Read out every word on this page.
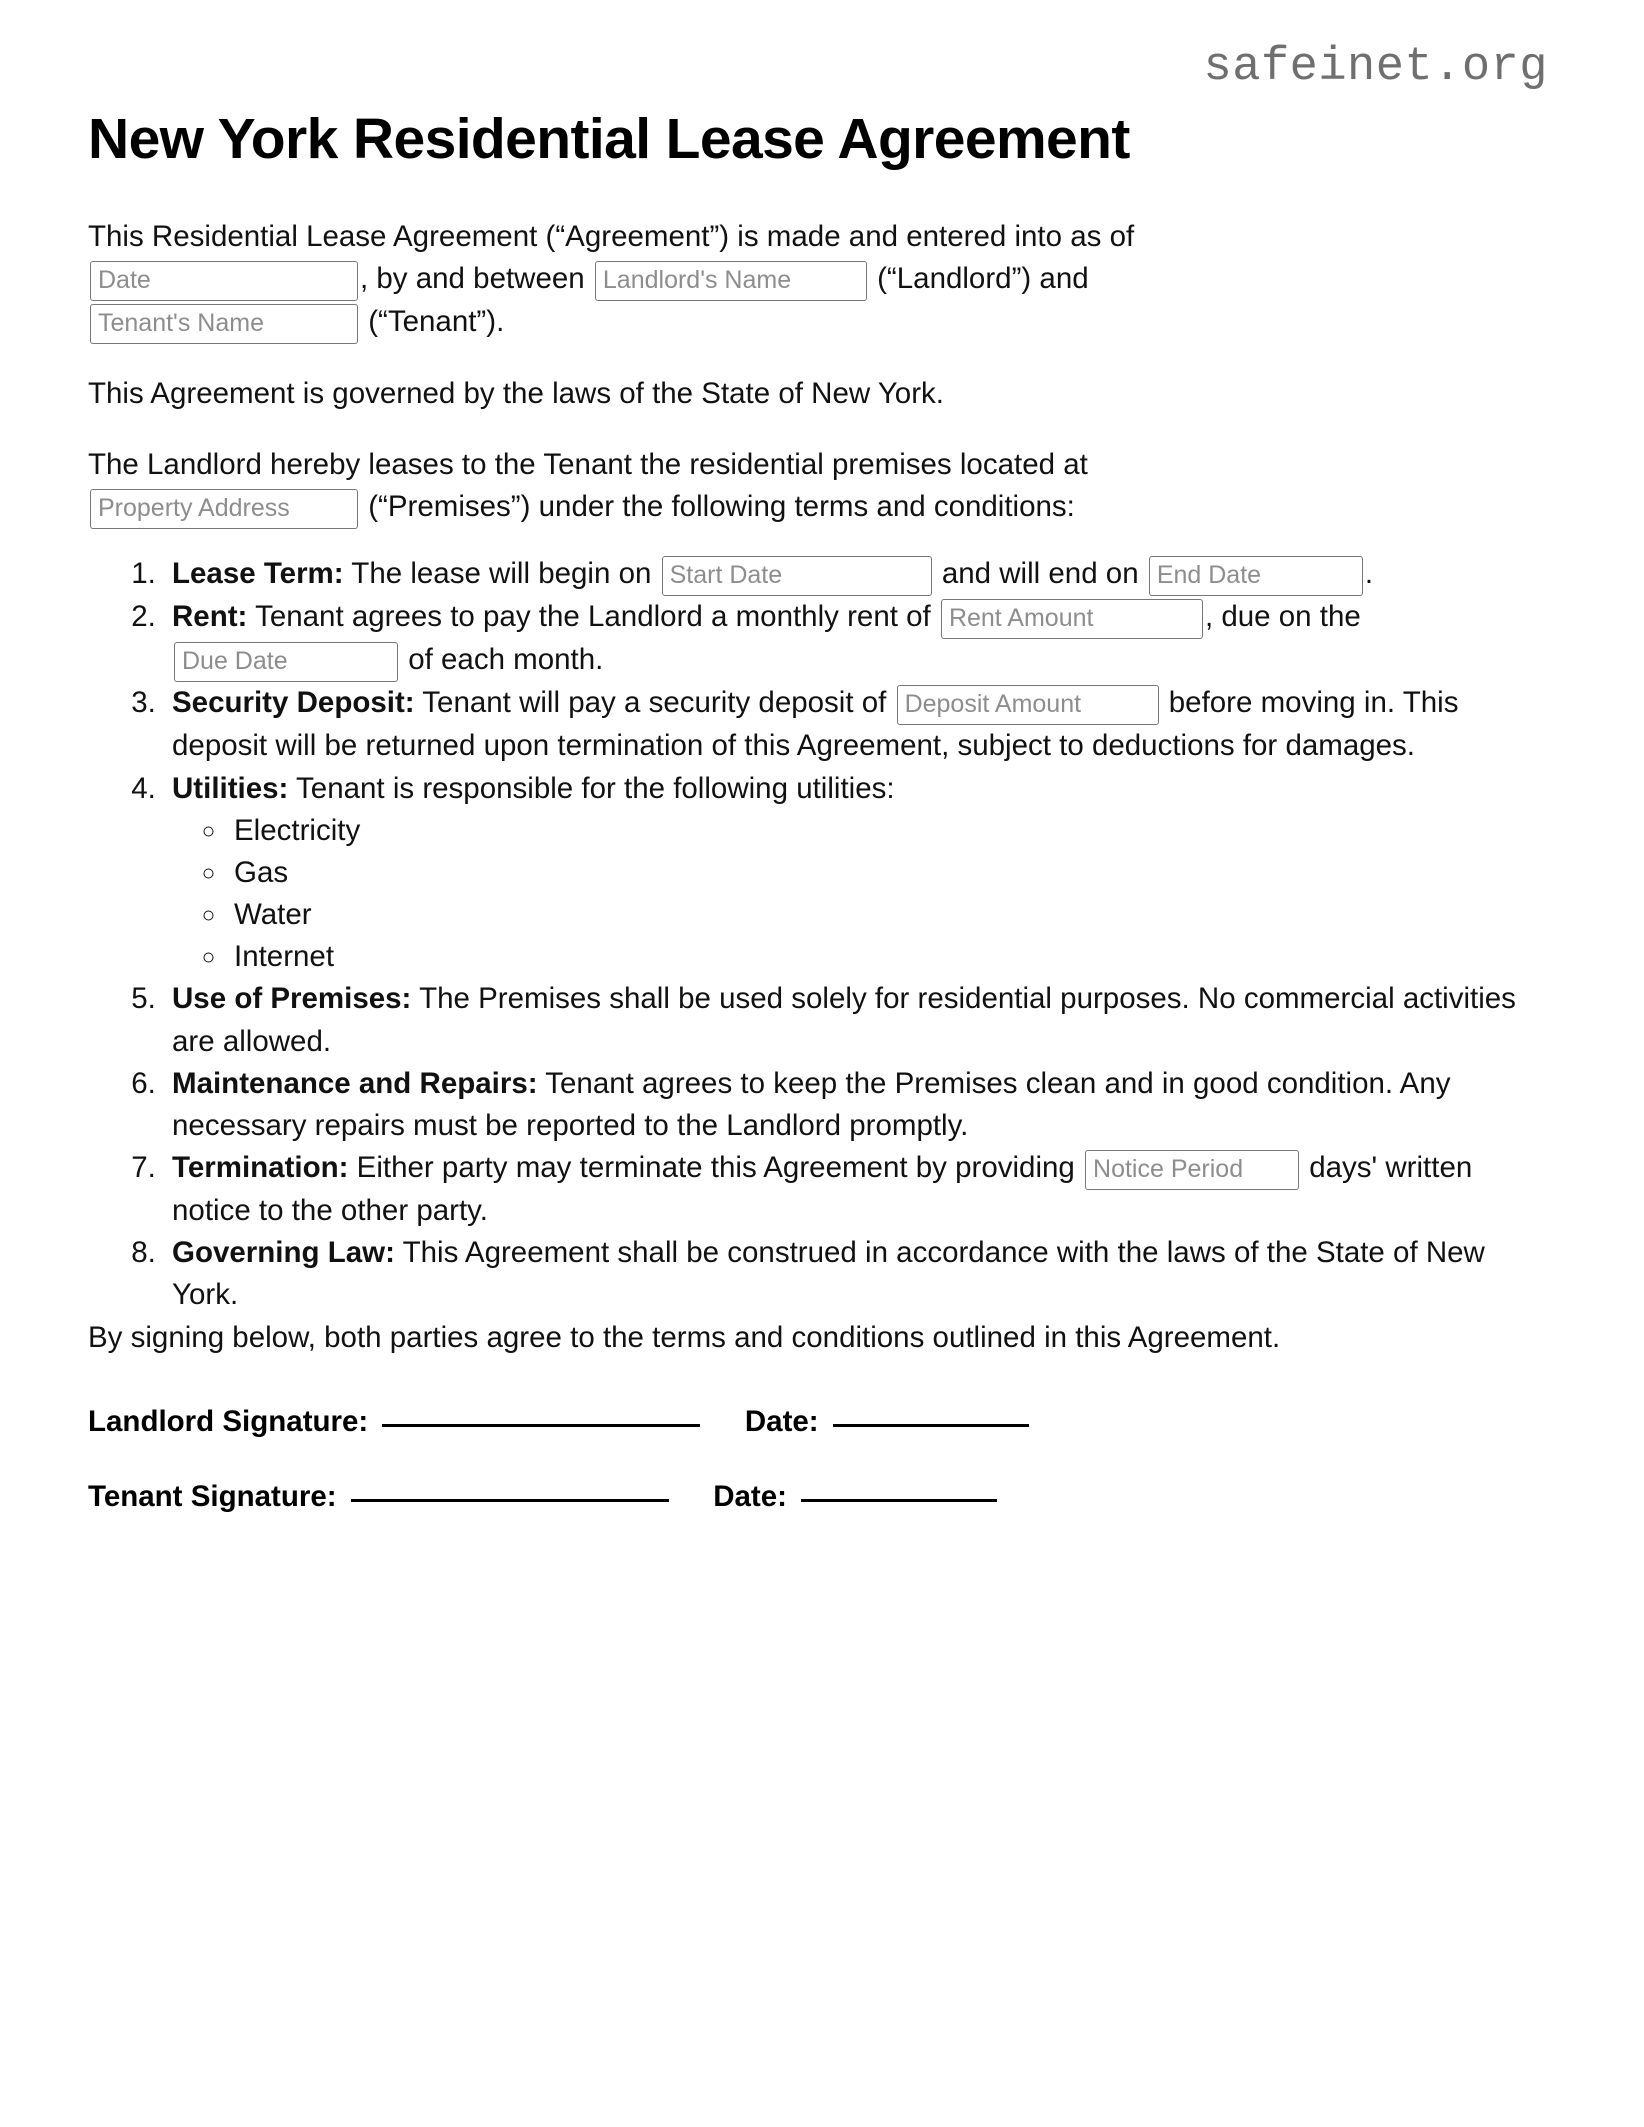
safeinet.org
New York Residential Lease Agreement

This Residential Lease Agreement (“Agreement”) is made and entered into as of
Date, by and between Landlord's Name	(“Landlord”) and
Tenant's Name (“Tenant”).

This Agreement is governed by the laws of the State of New York.

The Landlord hereby leases to the Tenant the residential premises located at
Property Address (“Premises”) under the following terms and conditions:

1. Lease Term: The lease will begin on Start Date	and will end on End Date	.
2. Rent: Tenant agrees to pay the Landlord a monthly rent of Rent Amount	, due on the Due Date of each month.
3. Security Deposit: Tenant will pay a security deposit of Deposit Amount	before moving in. This deposit will be returned upon termination of this Agreement, subject to deductions for damages.
4. Utilities: Tenant is responsible for the following utilities:
◦ Electricity
◦ Gas
◦ Water
◦ Internet
5. Use of Premises: The Premises shall be used solely for residential purposes. No commercial activities are allowed.
6. Maintenance and Repairs: Tenant agrees to keep the Premises clean and in good condition. Any necessary repairs must be reported to the Landlord promptly.
7. Termination: Either party may terminate this Agreement by providing Notice Period	days' written notice to the other party.
8. Governing Law: This Agreement shall be construed in accordance with the laws of the State of New York.

By signing below, both parties agree to the terms and conditions outlined in this Agreement.

Landlord Signature:	Date:
Tenant Signature:	Date:
